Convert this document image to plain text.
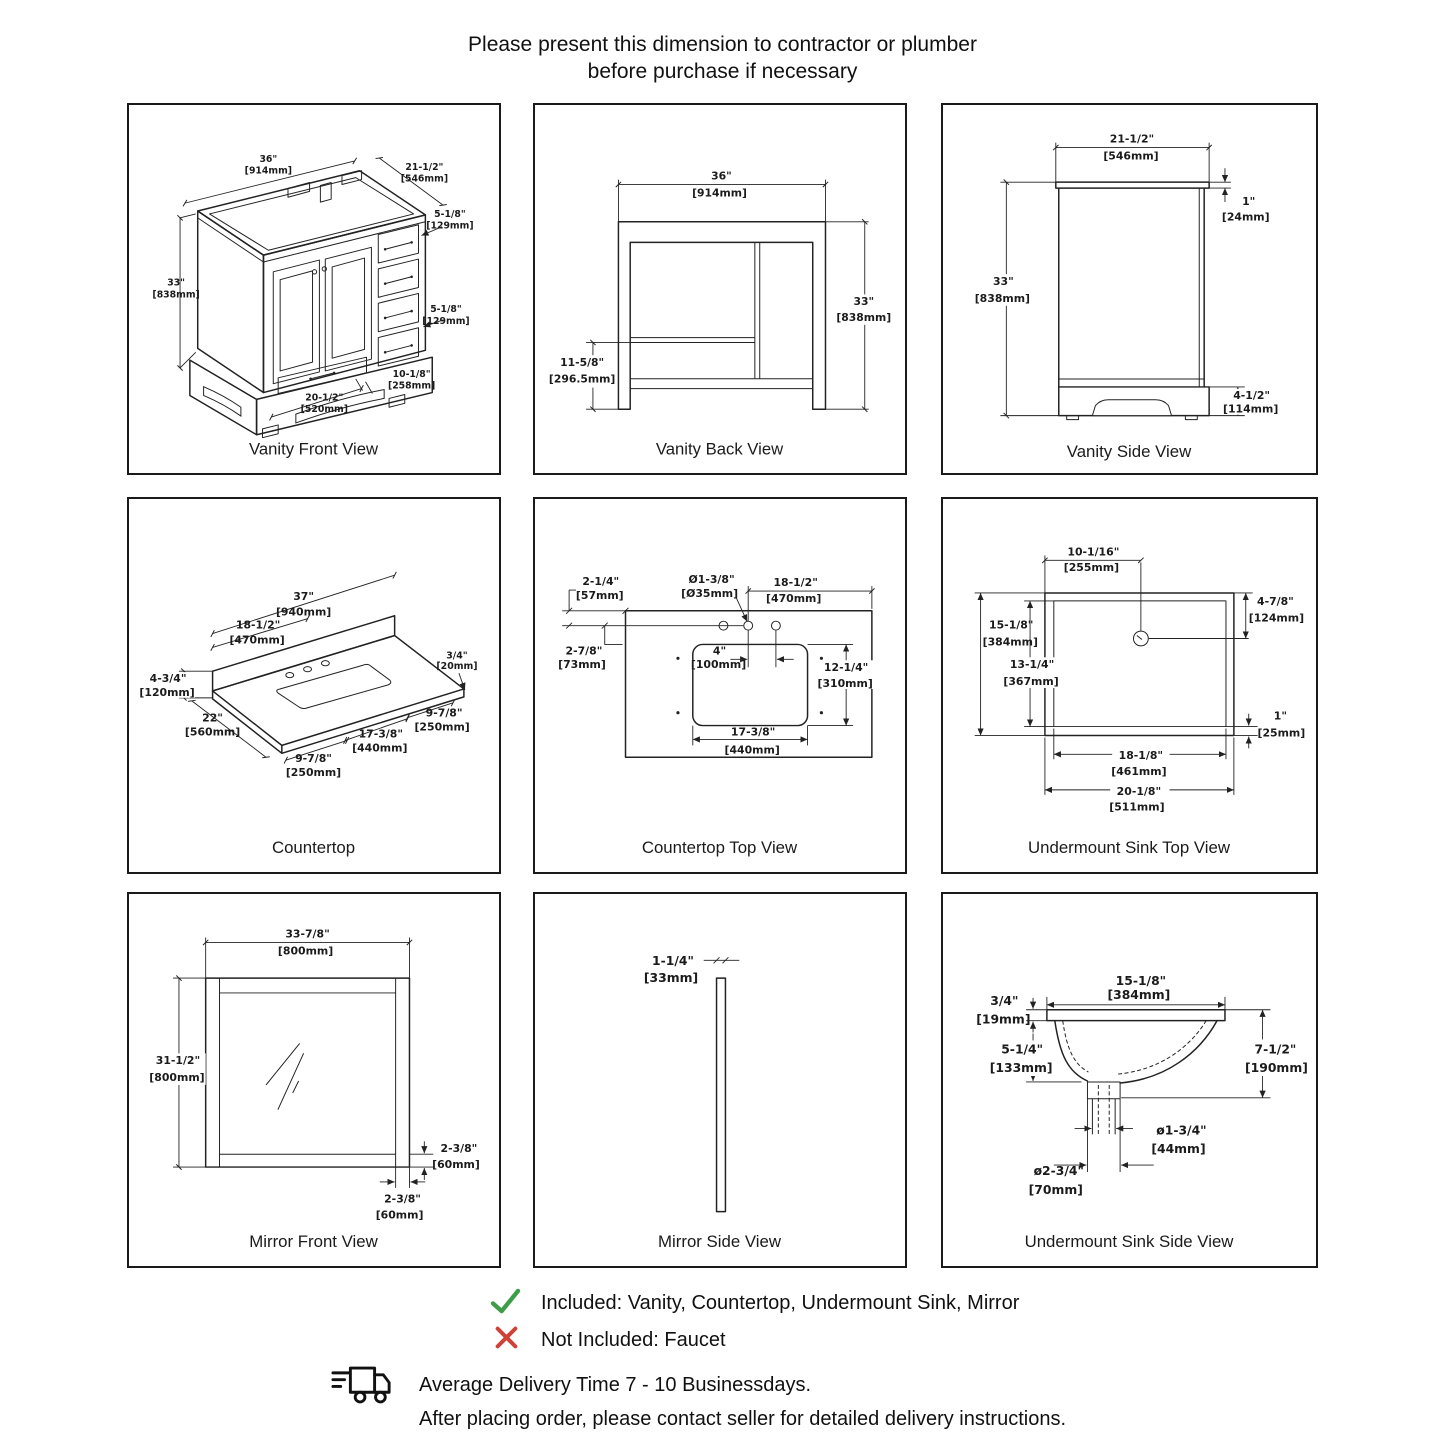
Please present this dimension to contractor or plumber
before purchase if necessary
36"
[914mm]	21-1/2"
[546mm]
5-1/8"
[129mm]
33"
[838mm]
5-1/8"
[129mm]
10-1/8"
[258mm]
20-1/2"
[520mm]
Vanity Front View
36"
[914mm]
33"
[838mm]
11-5/8"
[296.5mm]
Vanity Back View
21-1/2"
[546mm]
1"
[24mm]
33"
[838mm]
4-1/2"
[114mm]
Vanity Side View
37"
[940mm]
18-1/2"
[470mm]
4-3/4"
[120mm]
3/4"
[20mm]
22"
[560mm]
9-7/8"
[250mm]
17-3/8"
[440mm]
9-7/8"
[250mm]
Countertop
2-1/4"
[57mm]
2-7/8"
[73mm]
Ø1-3/8"
[Ø35mm]
18-1/2"
[470mm]
4"
[100mm]	12-1/4"
[310mm]
17-3/8"
[440mm]
Countertop Top View
10-1/16"
[255mm]
4-7/8"
[124mm]
15-1/8"
[384mm]
13-1/4"
[367mm]
1"
[25mm]
18-1/8"
[461mm]
20-1/8"
[511mm]
Undermount Sink Top View
33-7/8"
[800mm]
31-1/2"
[800mm]
2-3/8"
[60mm]
2-3/8"
[60mm]
Mirror Front View
1-1/4"
[33mm]
Mirror Side View
3/4"
[19mm]
15-1/8"
[384mm]
5-1/4"
[133mm]
7-1/2"
[190mm]
ø1-3/4"
[44mm]
ø2-3/4"
[70mm]
Undermount Sink Side View
Included: Vanity, Countertop, Undermount Sink, Mirror
Not Included: Faucet
Average Delivery Time 7 - 10 Businessdays.
After placing order, please contact seller for detailed delivery instructions.
